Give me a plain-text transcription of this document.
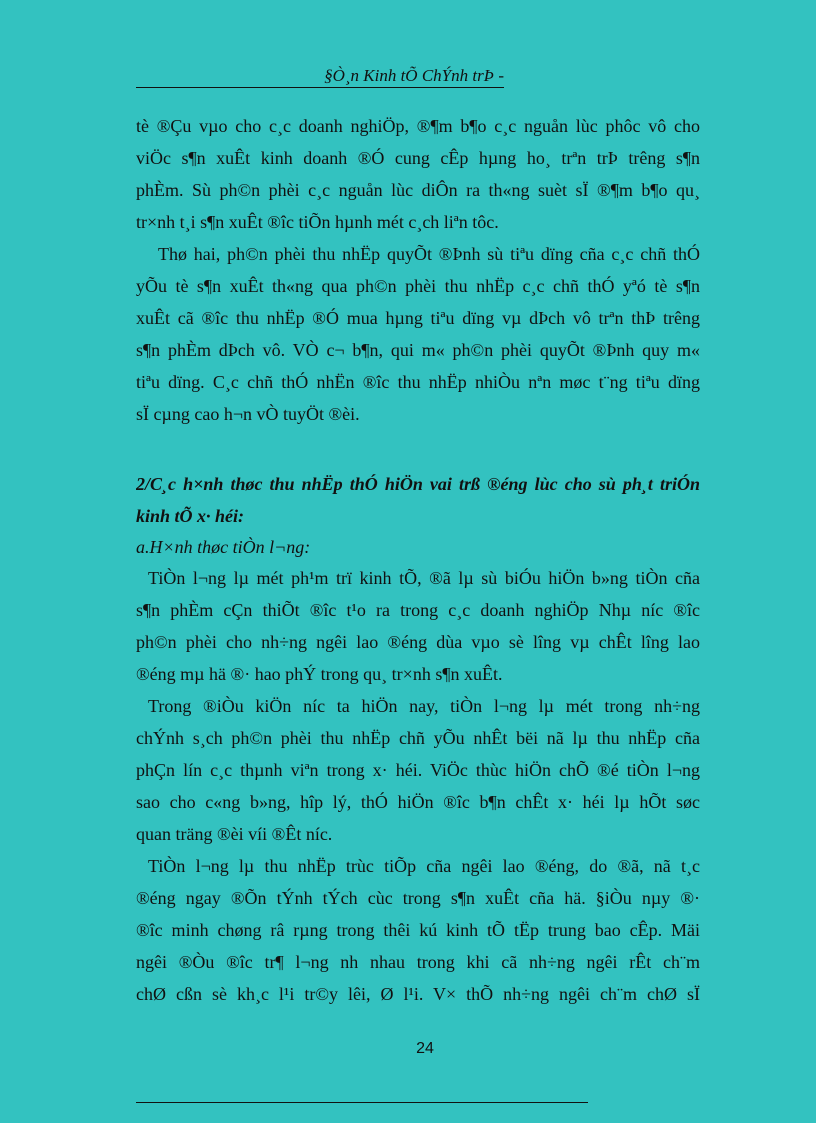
§Ò¸n Kinh tÕ ChÝnh trÞ -
tè ®Çu vµo cho c¸c doanh nghiÖp, ®¶m b¶o c¸c nguån lùc phôc vô cho
viÖc s¶n xuÊt kinh doanh ®Ó cung cÊp hµng ho¸ trªn trÞ trêng s¶n
phÈm. Sù ph©n phèi c¸c nguån lùc diÔn ra th«ng suèt sÏ ®¶m b¶o qu¸
tr×nh t¸i s¶n xuÊt ®îc tiÕn hµnh mét c¸ch liªn tôc.
Thø hai, ph©n phèi thu nhËp quyÕt ®Þnh sù tiªu dïng cña c¸c chñ thÓ
yÕu tè s¶n xuÊt th«ng qua ph©n phèi thu nhËp c¸c chñ thÓ yªó tè s¶n
xuÊt cã ®îc thu nhËp ®Ó mua hµng tiªu dïng vµ dÞch vô trªn thÞ trêng
s¶n phÈm dÞch vô. VÒ c¬ b¶n, qui m« ph©n phèi quyÕt ®Þnh quy m«
tiªu dïng. C¸c chñ thÓ nhËn ®îc thu nhËp nhiÒu nªn møc t¨ng tiªu dïng
sÏ cµng cao h¬n vÒ tuyÖt ®èi.
2/C¸c h×nh thøc thu nhËp thÓ hiÖn vai trß ®éng lùc cho sù ph¸t triÓn
kinh tÕ x· héi:
a.H×nh thøc tiÒn l¬ng:
TiÒn l¬ng lµ mét ph¹m trï kinh tÕ, ®ã lµ sù biÓu hiÖn b»ng tiÒn cña
s¶n phÈm cÇn thiÕt ®îc t¹o ra trong c¸c doanh nghiÖp Nhµ níc ®îc
ph©n phèi cho nh÷ng ngêi lao ®éng dùa vµo sè lîng vµ chÊt lîng lao
®éng mµ hä ®· hao phÝ trong qu¸ tr×nh s¶n xuÊt.
Trong ®iÒu kiÖn níc ta hiÖn nay, tiÒn l¬ng lµ mét trong nh÷ng
chÝnh s¸ch ph©n phèi thu nhËp chñ yÕu nhÊt bëi nã lµ thu nhËp cña
phÇn lín c¸c thµnh viªn trong x· héi. ViÖc thùc hiÖn chÕ ®é tiÒn l¬ng
sao cho c«ng b»ng, hîp lý, thÓ hiÖn ®îc b¶n chÊt x· héi lµ hÕt søc
quan träng ®èi víi ®Êt níc.
TiÒn l¬ng lµ thu nhËp trùc tiÕp cña ngêi lao ®éng, do ®ã, nã t¸c
®éng ngay ®Õn tÝnh tÝch cùc trong s¶n xuÊt cña hä. §iÒu nµy ®·
®îc minh chøng râ rµng trong thêi kú kinh tÕ tËp trung bao cÊp. Mäi
ngêi ®Òu ®îc tr¶ l¬ng nh nhau trong khi cã nh÷ng ngêi rÊt ch¨m
chØ cßn sè kh¸c l¹i tr©y lêi, Ø l¹i. V× thÕ nh÷ng ngêi ch¨m chØ sÏ
24
